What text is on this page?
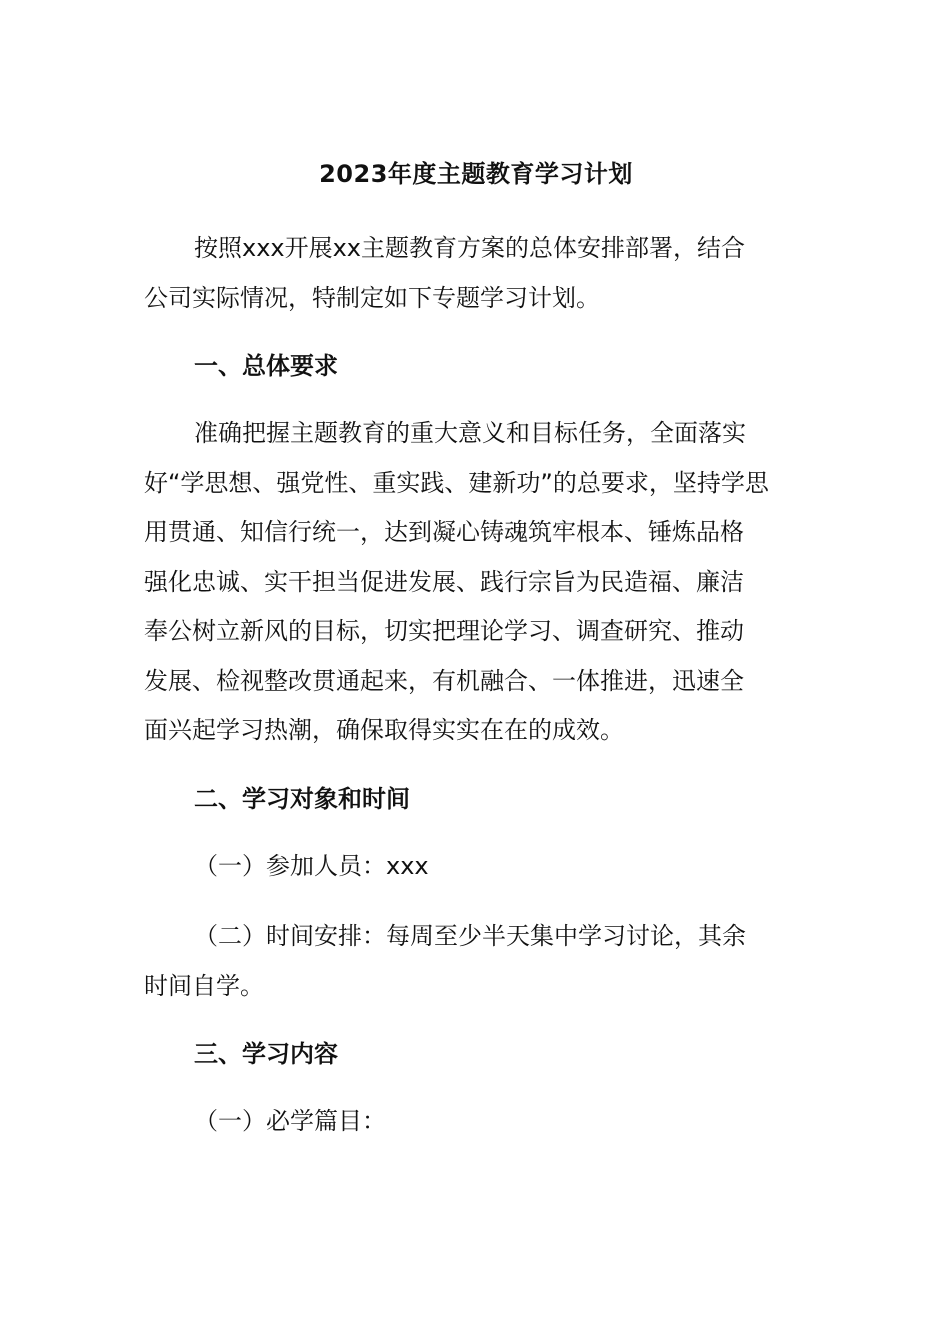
2023年度主题教育学习计划

按照xxx开展xx主题教育方案的总体安排部署，结合
公司实际情况，特制定如下专题学习计划。

一、总体要求

准确把握主题教育的重大意义和目标任务，全面落实
好“学思想、强党性、重实践、建新功”的总要求，坚持学思
用贯通、知信行统一，达到凝心铸魂筑牢根本、锤炼品格
强化忠诚、实干担当促进发展、践行宗旨为民造福、廉洁
奉公树立新风的目标，切实把理论学习、调查研究、推动
发展、检视整改贯通起来，有机融合、一体推进，迅速全
面兴起学习热潮，确保取得实实在在的成效。

二、学习对象和时间

（一）参加人员：xxx

（二）时间安排：每周至少半天集中学习讨论，其余
时间自学。

三、学习内容

（一）必学篇目：
